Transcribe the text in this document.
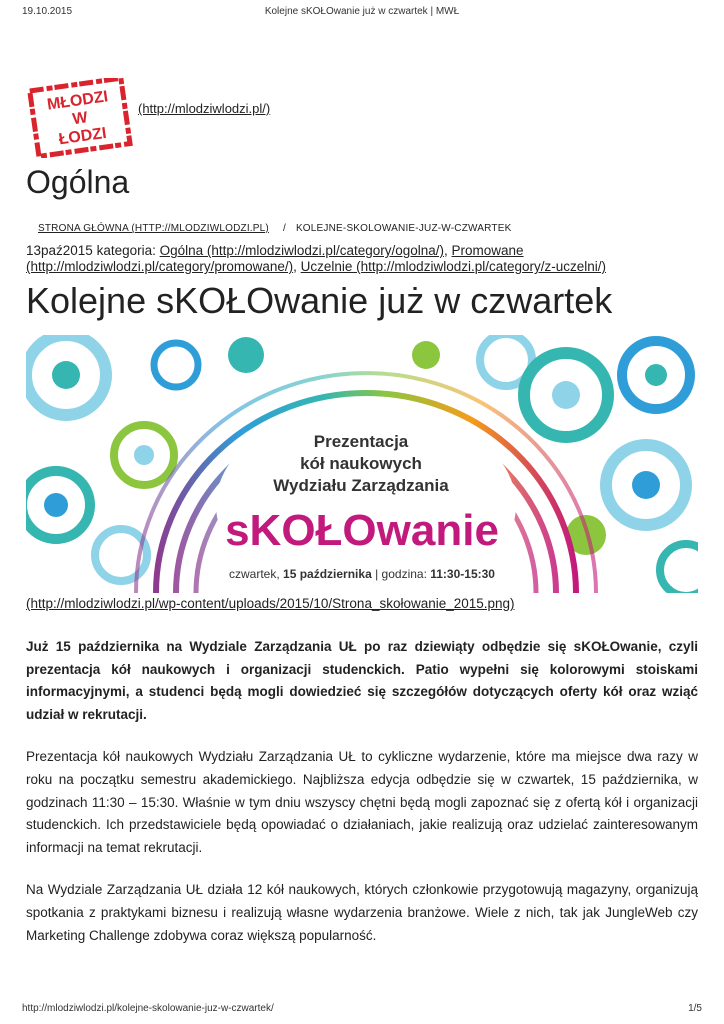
19.10.2015	Kolejne sKOŁOwanie już w czwartek | MWŁ
MŁODZI
W
ŁODZI
(http://mlodziwlodzi.pl/)
Ogólna
STRONA GŁÓWNA (HTTP://MLODZIWLODZI.PL) / KOLEJNE-SKOLOWANIE-JUZ-W-CZWARTEK
13paź2015 kategoria: Ogólna (http://mlodziwlodzi.pl/category/ogolna/), Promowane (http://mlodziwlodzi.pl/category/promowane/), Uczelnie (http://mlodziwlodzi.pl/category/z-uczelni/)
Kolejne sKOŁOwanie już w czwartek
Prezentacja
kół naukowych
Wydziału Zarządzania
sKOŁOwanie
czwartek, 15 października | godzina: 11:30-15:30
(http://mlodziwlodzi.pl/wp-content/uploads/2015/10/Strona_skołowanie_2015.png)

Już 15 października na Wydziale Zarządzania UŁ po raz dziewiąty odbędzie się sKOŁOwanie, czyli prezentacja kół naukowych i organizacji studenckich. Patio wypełni się kolorowymi stoiskami informacyjnymi, a studenci będą mogli dowiedzieć się szczegółów dotyczących oferty kół oraz wziąć udział w rekrutacji.

Prezentacja kół naukowych Wydziału Zarządzania UŁ to cykliczne wydarzenie, które ma miejsce dwa razy w roku na początku semestru akademickiego. Najbliższa edycja odbędzie się w czwartek, 15 października, w godzinach 11:30 – 15:30. Właśnie w tym dniu wszyscy chętni będą mogli zapoznać się z ofertą kół i organizacji studenckich. Ich przedstawiciele będą opowiadać o działaniach, jakie realizują oraz udzielać zainteresowanym informacji na temat rekrutacji.

Na Wydziale Zarządzania UŁ działa 12 kół naukowych, których członkowie przygotowują magazyny, organizują spotkania z praktykami biznesu i realizują własne wydarzenia branżowe. Wiele z nich, tak jak JungleWeb czy Marketing Challenge zdobywa coraz większą popularność.

http://mlodziwlodzi.pl/kolejne-skolowanie-juz-w-czwartek/	1/5
